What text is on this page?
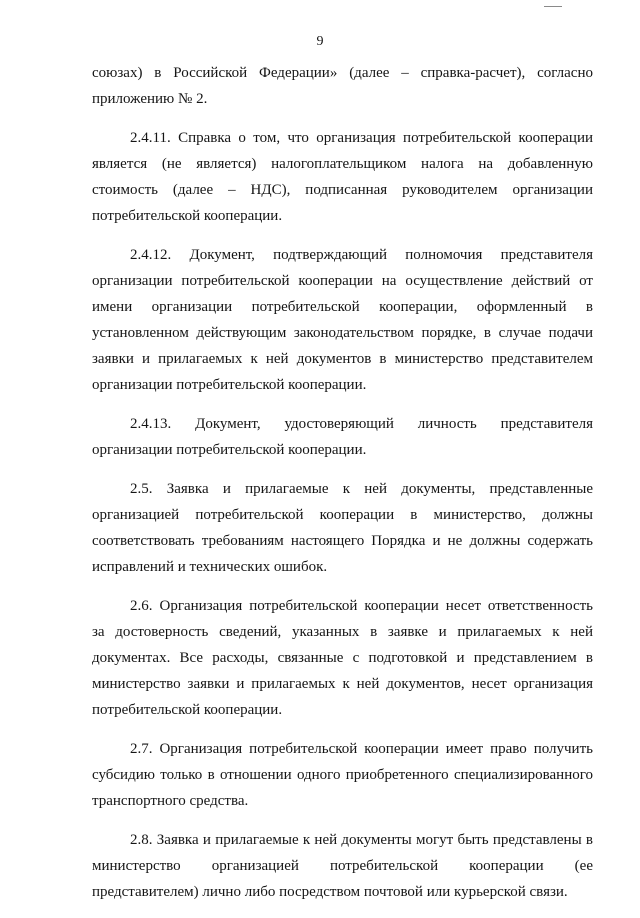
9

союзах) в Российской Федерации» (далее – справка-расчет), согласно приложению № 2.

2.4.11. Справка о том, что организация потребительской кооперации является (не является) налогоплательщиком налога на добавленную стоимость (далее – НДС), подписанная руководителем организации потребительской кооперации.

2.4.12. Документ, подтверждающий полномочия представителя организации потребительской кооперации на осуществление действий от имени организации потребительской кооперации, оформленный в установленном действующим законодательством порядке, в случае подачи заявки и прилагаемых к ней документов в министерство представителем организации потребительской кооперации.

2.4.13. Документ, удостоверяющий личность представителя организации потребительской кооперации.

2.5. Заявка и прилагаемые к ней документы, представленные организацией потребительской кооперации в министерство, должны соответствовать требованиям настоящего Порядка и не должны содержать исправлений и технических ошибок.

2.6. Организация потребительской кооперации несет ответственность за достоверность сведений, указанных в заявке и прилагаемых к ней документах. Все расходы, связанные с подготовкой и представлением в министерство заявки и прилагаемых к ней документов, несет организация потребительской кооперации.

2.7. Организация потребительской кооперации имеет право получить субсидию только в отношении одного приобретенного специализированного транспортного средства.

2.8. Заявка и прилагаемые к ней документы могут быть представлены в министерство организацией потребительской кооперации (ее представителем) лично либо посредством почтовой или курьерской связи.
